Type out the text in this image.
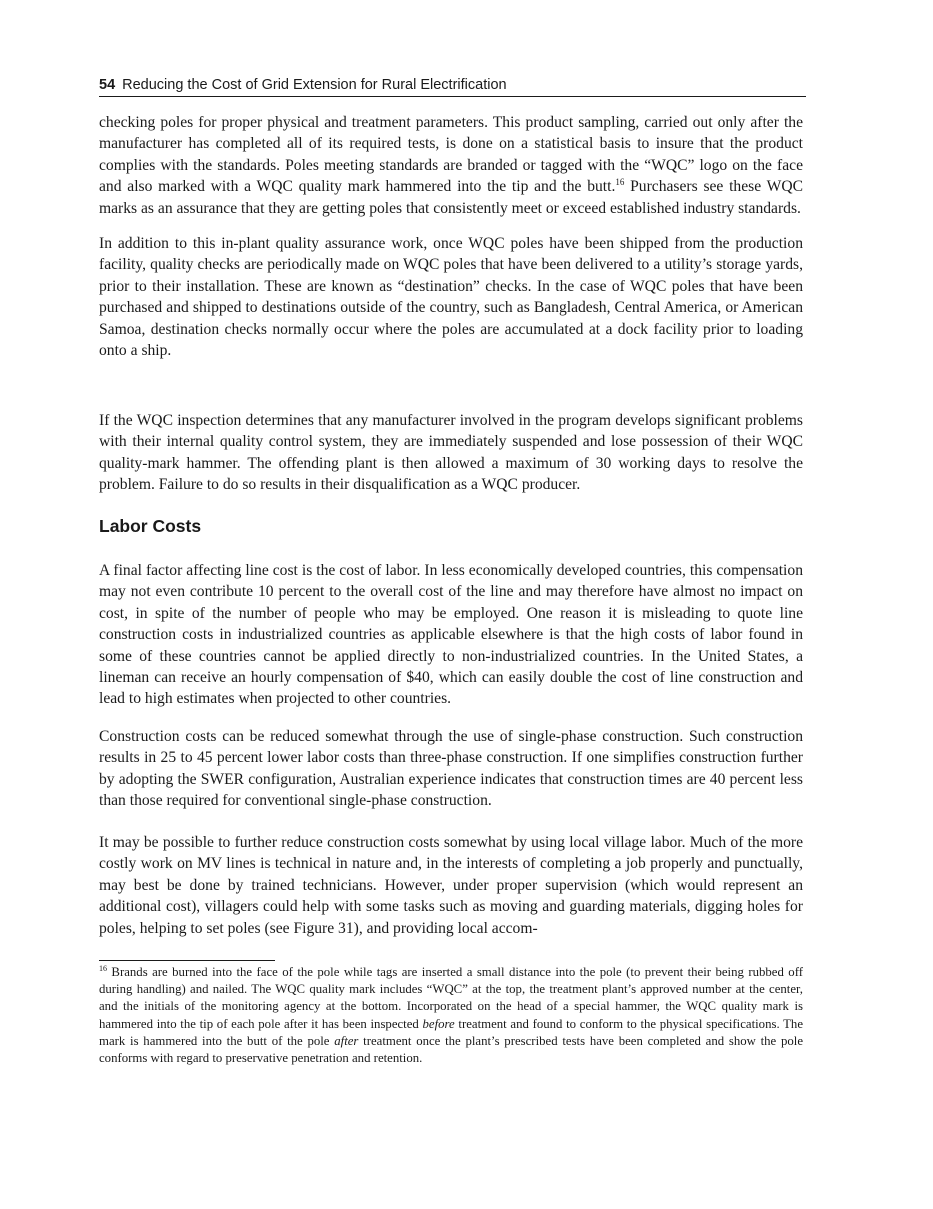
54 Reducing the Cost of Grid Extension for Rural Electrification

checking poles for proper physical and treatment parameters. This product sampling, carried out only after the manufacturer has completed all of its required tests, is done on a statistical basis to insure that the product complies with the standards. Poles meeting standards are branded or tagged with the “WQC” logo on the face and also marked with a WQC quality mark hammered into the tip and the butt.$^{16}$ Purchasers see these WQC marks as an assurance that they are getting poles that consistently meet or exceed established industry standards.

In addition to this in-plant quality assurance work, once WQC poles have been shipped from the production facility, quality checks are periodically made on WQC poles that have been delivered to a utility’s storage yards, prior to their installation. These are known as “destination” checks. In the case of WQC poles that have been purchased and shipped to destinations outside of the country, such as Bangladesh, Central America, or American Samoa, destination checks normally occur where the poles are accumulated at a dock facility prior to loading onto a ship.

If the WQC inspection determines that any manufacturer involved in the program develops significant problems with their internal quality control system, they are immediately suspended and lose possession of their WQC quality-mark hammer. The offending plant is then allowed a maximum of 30 working days to resolve the problem. Failure to do so results in their disqualification as a WQC producer.

Labor Costs

A final factor affecting line cost is the cost of labor. In less economically developed countries, this compensation may not even contribute 10 percent to the overall cost of the line and may therefore have almost no impact on cost, in spite of the number of people who may be employed. One reason it is misleading to quote line construction costs in industrialized countries as applicable elsewhere is that the high costs of labor found in some of these countries cannot be applied directly to non-industrialized countries. In the United States, a lineman can receive an hourly compensation of $40, which can easily double the cost of line construction and lead to high estimates when projected to other countries.

Construction costs can be reduced somewhat through the use of single-phase construction. Such construction results in 25 to 45 percent lower labor costs than three-phase construction. If one simplifies construction further by adopting the SWER configuration, Australian experience indicates that construction times are 40 percent less than those required for conventional single-phase construction.

It may be possible to further reduce construction costs somewhat by using local village labor. Much of the more costly work on MV lines is technical in nature and, in the interests of completing a job properly and punctually, may best be done by trained technicians. However, under proper supervision (which would represent an additional cost), villagers could help with some tasks such as moving and guarding materials, digging holes for poles, helping to set poles (see Figure 31), and providing local accom-

$^{16}$ Brands are burned into the face of the pole while tags are inserted a small distance into the pole (to prevent their being rubbed off during handling) and nailed. The WQC quality mark includes “WQC” at the top, the treatment plant’s approved number at the center, and the initials of the monitoring agency at the bottom. Incorporated on the head of a special hammer, the WQC quality mark is hammered into the tip of each pole after it has been inspected before treatment and found to conform to the physical specifications. The mark is hammered into the butt of the pole after treatment once the plant’s prescribed tests have been completed and show the pole conforms with regard to preservative penetration and retention.
